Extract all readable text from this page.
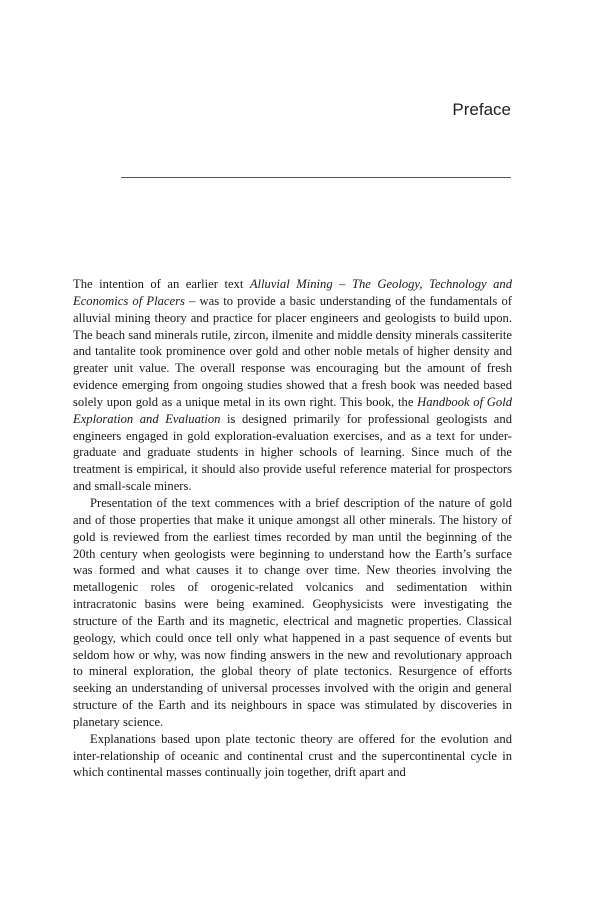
Preface

The intention of an earlier text Alluvial Mining – The Geology, Technology and Economics of Placers – was to provide a basic understanding of the fundamentals of alluvial mining theory and practice for placer engineers and geologists to build upon. The beach sand minerals rutile, zircon, ilmenite and middle density minerals cassiterite and tantalite took prominence over gold and other noble metals of higher density and greater unit value. The overall response was encouraging but the amount of fresh evidence emerging from ongoing studies showed that a fresh book was needed based solely upon gold as a unique metal in its own right. This book, the Handbook of Gold Exploration and Evaluation is designed primarily for professional geologists and engineers engaged in gold exploration-evaluation exercises, and as a text for under-graduate and graduate students in higher schools of learning. Since much of the treatment is empirical, it should also provide useful reference material for prospectors and small-scale miners.

Presentation of the text commences with a brief description of the nature of gold and of those properties that make it unique amongst all other minerals. The history of gold is reviewed from the earliest times recorded by man until the beginning of the 20th century when geologists were beginning to understand how the Earth’s surface was formed and what causes it to change over time. New theories involving the metallogenic roles of orogenic-related volcanics and sedimentation within intracratonic basins were being examined. Geophysicists were investigating the structure of the Earth and its magnetic, electrical and magnetic properties. Classical geology, which could once tell only what happened in a past sequence of events but seldom how or why, was now finding answers in the new and revolutionary approach to mineral exploration, the global theory of plate tectonics. Resurgence of efforts seeking an understanding of universal processes involved with the origin and general structure of the Earth and its neighbours in space was stimulated by discoveries in planetary science.

Explanations based upon plate tectonic theory are offered for the evolution and inter-relationship of oceanic and continental crust and the supercontinental cycle in which continental masses continually join together, drift apart and
